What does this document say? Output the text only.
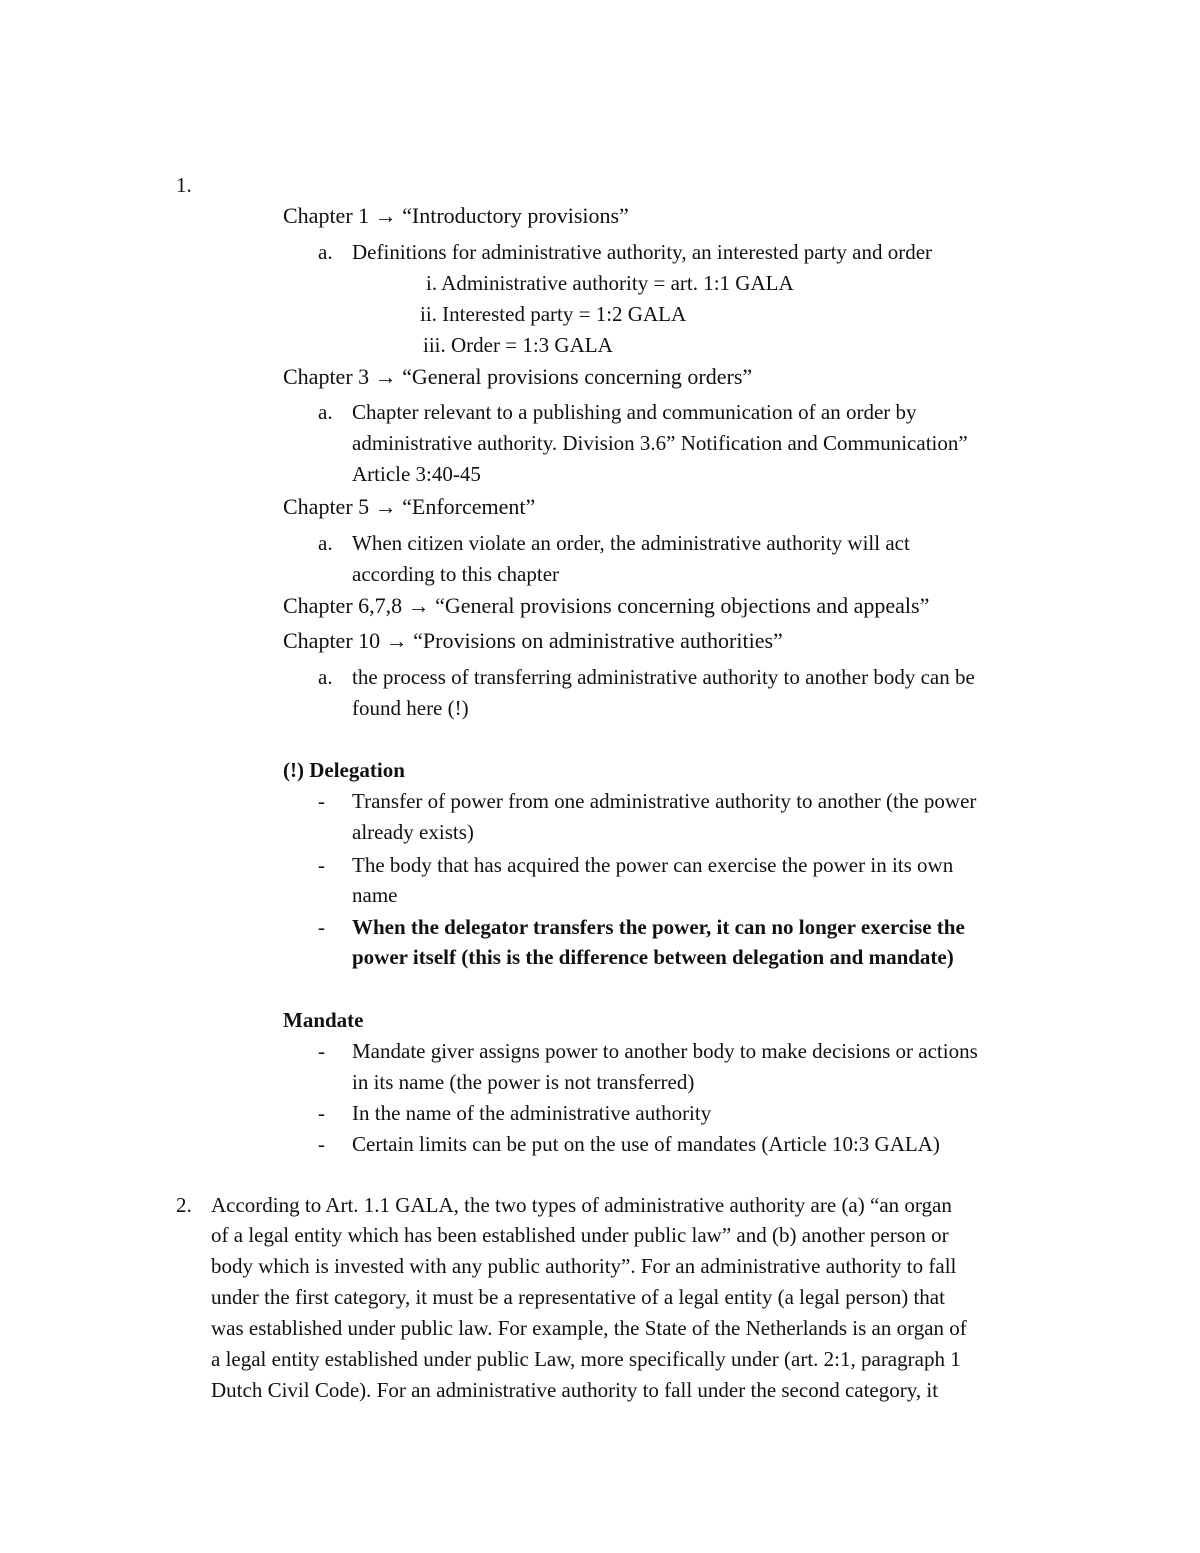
1.
Chapter 1 → “Introductory provisions”
a. Definitions for administrative authority, an interested party and order
i. Administrative authority = art. 1:1 GALA
ii. Interested party = 1:2 GALA
iii. Order = 1:3 GALA
Chapter 3 → “General provisions concerning orders”
a. Chapter relevant to a publishing and communication of an order by
administrative authority. Division 3.6” Notification and Communication”
Article 3:40-45
Chapter 5 → “Enforcement”
a. When citizen violate an order, the administrative authority will act
according to this chapter
Chapter 6,7,8 → “General provisions concerning objections and appeals”
Chapter 10 → “Provisions on administrative authorities”
a. the process of transferring administrative authority to another body can be
found here (!)
(!) Delegation
- Transfer of power from one administrative authority to another (the power
already exists)
- The body that has acquired the power can exercise the power in its own
name
- When the delegator transfers the power, it can no longer exercise the
power itself (this is the difference between delegation and mandate)
Mandate
- Mandate giver assigns power to another body to make decisions or actions
in its name (the power is not transferred)
- In the name of the administrative authority
- Certain limits can be put on the use of mandates (Article 10:3 GALA)
2. According to Art. 1.1 GALA, the two types of administrative authority are (a) “an organ
of a legal entity which has been established under public law” and (b) another person or
body which is invested with any public authority”. For an administrative authority to fall
under the first category, it must be a representative of a legal entity (a legal person) that
was established under public law. For example, the State of the Netherlands is an organ of
a legal entity established under public Law, more specifically under (art. 2:1, paragraph 1
Dutch Civil Code). For an administrative authority to fall under the second category, it
